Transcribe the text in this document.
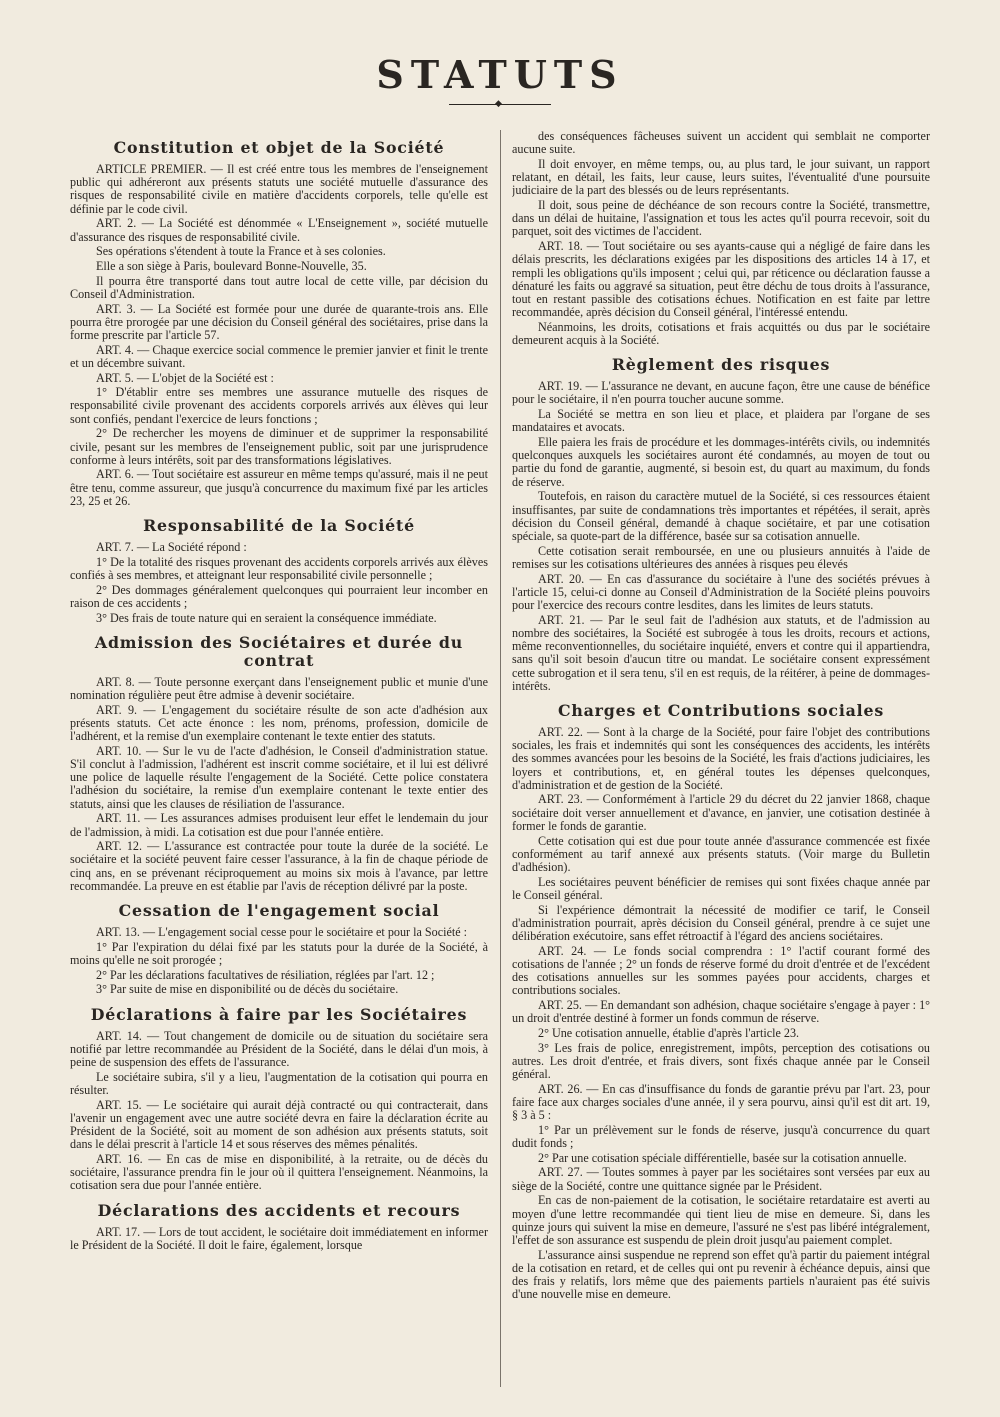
STATUTS
◆
Constitution et objet de la Société

ARTICLE PREMIER. — Il est créé entre tous les membres de l'enseignement public qui adhéreront aux présents statuts une société mutuelle d'assurance des risques de responsabilité civile en matière d'accidents corporels, telle qu'elle est définie par le code civil.

ART. 2. — La Société est dénommée « L'Enseignement », société mutuelle d'assurance des risques de responsabilité civile.

Ses opérations s'étendent à toute la France et à ses colonies.

Elle a son siège à Paris, boulevard Bonne-Nouvelle, 35.

Il pourra être transporté dans tout autre local de cette ville, par décision du Conseil d'Administration.

ART. 3. — La Société est formée pour une durée de quarante-trois ans. Elle pourra être prorogée par une décision du Conseil général des sociétaires, prise dans la forme prescrite par l'article 57.

ART. 4. — Chaque exercice social commence le premier janvier et finit le trente et un décembre suivant.

ART. 5. — L'objet de la Société est :

1° D'établir entre ses membres une assurance mutuelle des risques de responsabilité civile provenant des accidents corporels arrivés aux élèves qui leur sont confiés, pendant l'exercice de leurs fonctions ;

2° De rechercher les moyens de diminuer et de supprimer la responsabilité civile, pesant sur les membres de l'enseignement public, soit par une jurisprudence conforme à leurs intérêts, soit par des transformations législatives.

ART. 6. — Tout sociétaire est assureur en même temps qu'assuré, mais il ne peut être tenu, comme assureur, que jusqu'à concurrence du maximum fixé par les articles 23, 25 et 26.

Responsabilité de la Société

ART. 7. — La Société répond :

1° De la totalité des risques provenant des accidents corporels arrivés aux élèves confiés à ses membres, et atteignant leur responsabilité civile personnelle ;

2° Des dommages généralement quelconques qui pourraient leur incomber en raison de ces accidents ;

3° Des frais de toute nature qui en seraient la conséquence immédiate.

Admission des Sociétaires et durée du contrat

ART. 8. — Toute personne exerçant dans l'enseignement public et munie d'une nomination régulière peut être admise à devenir sociétaire.

ART. 9. — L'engagement du sociétaire résulte de son acte d'adhésion aux présents statuts. Cet acte énonce : les nom, prénoms, profession, domicile de l'adhérent, et la remise d'un exemplaire contenant le texte entier des statuts.

ART. 10. — Sur le vu de l'acte d'adhésion, le Conseil d'administration statue. S'il conclut à l'admission, l'adhérent est inscrit comme sociétaire, et il lui est délivré une police de laquelle résulte l'engagement de la Société. Cette police constatera l'adhésion du sociétaire, la remise d'un exemplaire contenant le texte entier des statuts, ainsi que les clauses de résiliation de l'assurance.

ART. 11. — Les assurances admises produisent leur effet le lendemain du jour de l'admission, à midi. La cotisation est due pour l'année entière.

ART. 12. — L'assurance est contractée pour toute la durée de la société. Le sociétaire et la société peuvent faire cesser l'assurance, à la fin de chaque période de cinq ans, en se prévenant réciproquement au moins six mois à l'avance, par lettre recommandée. La preuve en est établie par l'avis de réception délivré par la poste.

Cessation de l'engagement social

ART. 13. — L'engagement social cesse pour le sociétaire et pour la Société :

1° Par l'expiration du délai fixé par les statuts pour la durée de la Société, à moins qu'elle ne soit prorogée ;

2° Par les déclarations facultatives de résiliation, réglées par l'art. 12 ;

3° Par suite de mise en disponibilité ou de décès du sociétaire.

Déclarations à faire par les Sociétaires

ART. 14. — Tout changement de domicile ou de situation du sociétaire sera notifié par lettre recommandée au Président de la Société, dans le délai d'un mois, à peine de suspension des effets de l'assurance.

Le sociétaire subira, s'il y a lieu, l'augmentation de la cotisation qui pourra en résulter.

ART. 15. — Le sociétaire qui aurait déjà contracté ou qui contracterait, dans l'avenir un engagement avec une autre société devra en faire la déclaration écrite au Président de la Société, soit au moment de son adhésion aux présents statuts, soit dans le délai prescrit à l'article 14 et sous réserves des mêmes pénalités.

ART. 16. — En cas de mise en disponibilité, à la retraite, ou de décès du sociétaire, l'assurance prendra fin le jour où il quittera l'enseignement. Néanmoins, la cotisation sera due pour l'année entière.

Déclarations des accidents et recours

ART. 17. — Lors de tout accident, le sociétaire doit immédiatement en informer le Président de la Société. Il doit le faire, également, lorsque

des conséquences fâcheuses suivent un accident qui semblait ne comporter aucune suite.

Il doit envoyer, en même temps, ou, au plus tard, le jour suivant, un rapport relatant, en détail, les faits, leur cause, leurs suites, l'éventualité d'une poursuite judiciaire de la part des blessés ou de leurs représentants.

Il doit, sous peine de déchéance de son recours contre la Société, transmettre, dans un délai de huitaine, l'assignation et tous les actes qu'il pourra recevoir, soit du parquet, soit des victimes de l'accident.

ART. 18. — Tout sociétaire ou ses ayants-cause qui a négligé de faire dans les délais prescrits, les déclarations exigées par les dispositions des articles 14 à 17, et rempli les obligations qu'ils imposent ; celui qui, par réticence ou déclaration fausse a dénaturé les faits ou aggravé sa situation, peut être déchu de tous droits à l'assurance, tout en restant passible des cotisations échues. Notification en est faite par lettre recommandée, après décision du Conseil général, l'intéressé entendu.

Néanmoins, les droits, cotisations et frais acquittés ou dus par le sociétaire demeurent acquis à la Société.

Règlement des risques

ART. 19. — L'assurance ne devant, en aucune façon, être une cause de bénéfice pour le sociétaire, il n'en pourra toucher aucune somme.

La Société se mettra en son lieu et place, et plaidera par l'organe de ses mandataires et avocats.

Elle paiera les frais de procédure et les dommages-intérêts civils, ou indemnités quelconques auxquels les sociétaires auront été condamnés, au moyen de tout ou partie du fond de garantie, augmenté, si besoin est, du quart au maximum, du fonds de réserve.

Toutefois, en raison du caractère mutuel de la Société, si ces ressources étaient insuffisantes, par suite de condamnations très importantes et répétées, il serait, après décision du Conseil général, demandé à chaque sociétaire, et par une cotisation spéciale, sa quote-part de la différence, basée sur sa cotisation annuelle.

Cette cotisation serait remboursée, en une ou plusieurs annuités à l'aide de remises sur les cotisations ultérieures des années à risques peu élevés

ART. 20. — En cas d'assurance du sociétaire à l'une des sociétés prévues à l'article 15, celui-ci donne au Conseil d'Administration de la Société pleins pouvoirs pour l'exercice des recours contre lesdites, dans les limites de leurs statuts.

ART. 21. — Par le seul fait de l'adhésion aux statuts, et de l'admission au nombre des sociétaires, la Société est subrogée à tous les droits, recours et actions, même reconventionnelles, du sociétaire inquiété, envers et contre qui il appartiendra, sans qu'il soit besoin d'aucun titre ou mandat. Le sociétaire consent expressément cette subrogation et il sera tenu, s'il en est requis, de la réitérer, à peine de dommages-intérêts.

Charges et Contributions sociales

ART. 22. — Sont à la charge de la Société, pour faire l'objet des contributions sociales, les frais et indemnités qui sont les conséquences des accidents, les intérêts des sommes avancées pour les besoins de la Société, les frais d'actions judiciaires, les loyers et contributions, et, en général toutes les dépenses quelconques, d'administration et de gestion de la Société.

ART. 23. — Conformément à l'article 29 du décret du 22 janvier 1868, chaque sociétaire doit verser annuellement et d'avance, en janvier, une cotisation destinée à former le fonds de garantie.

Cette cotisation qui est due pour toute année d'assurance commencée est fixée conformément au tarif annexé aux présents statuts. (Voir marge du Bulletin d'adhésion).

Les sociétaires peuvent bénéficier de remises qui sont fixées chaque année par le Conseil général.

Si l'expérience démontrait la nécessité de modifier ce tarif, le Conseil d'administration pourrait, après décision du Conseil général, prendre à ce sujet une délibération exécutoire, sans effet rétroactif à l'égard des anciens sociétaires.

ART. 24. — Le fonds social comprendra : 1° l'actif courant formé des cotisations de l'année ; 2° un fonds de réserve formé du droit d'entrée et de l'excédent des cotisations annuelles sur les sommes payées pour accidents, charges et contributions sociales.

ART. 25. — En demandant son adhésion, chaque sociétaire s'engage à payer : 1° un droit d'entrée destiné à former un fonds commun de réserve.

2° Une cotisation annuelle, établie d'après l'article 23.

3° Les frais de police, enregistrement, impôts, perception des cotisations ou autres. Les droit d'entrée, et frais divers, sont fixés chaque année par le Conseil général.

ART. 26. — En cas d'insuffisance du fonds de garantie prévu par l'art. 23, pour faire face aux charges sociales d'une année, il y sera pourvu, ainsi qu'il est dit art. 19, § 3 à 5 :

1° Par un prélèvement sur le fonds de réserve, jusqu'à concurrence du quart dudit fonds ;

2° Par une cotisation spéciale différentielle, basée sur la cotisation annuelle.

ART. 27. — Toutes sommes à payer par les sociétaires sont versées par eux au siège de la Société, contre une quittance signée par le Président.

En cas de non-paiement de la cotisation, le sociétaire retardataire est averti au moyen d'une lettre recommandée qui tient lieu de mise en demeure. Si, dans les quinze jours qui suivent la mise en demeure, l'assuré ne s'est pas libéré intégralement, l'effet de son assurance est suspendu de plein droit jusqu'au paiement complet.

L'assurance ainsi suspendue ne reprend son effet qu'à partir du paiement intégral de la cotisation en retard, et de celles qui ont pu revenir à échéance depuis, ainsi que des frais y relatifs, lors même que des paiements partiels n'auraient pas été suivis d'une nouvelle mise en demeure.
